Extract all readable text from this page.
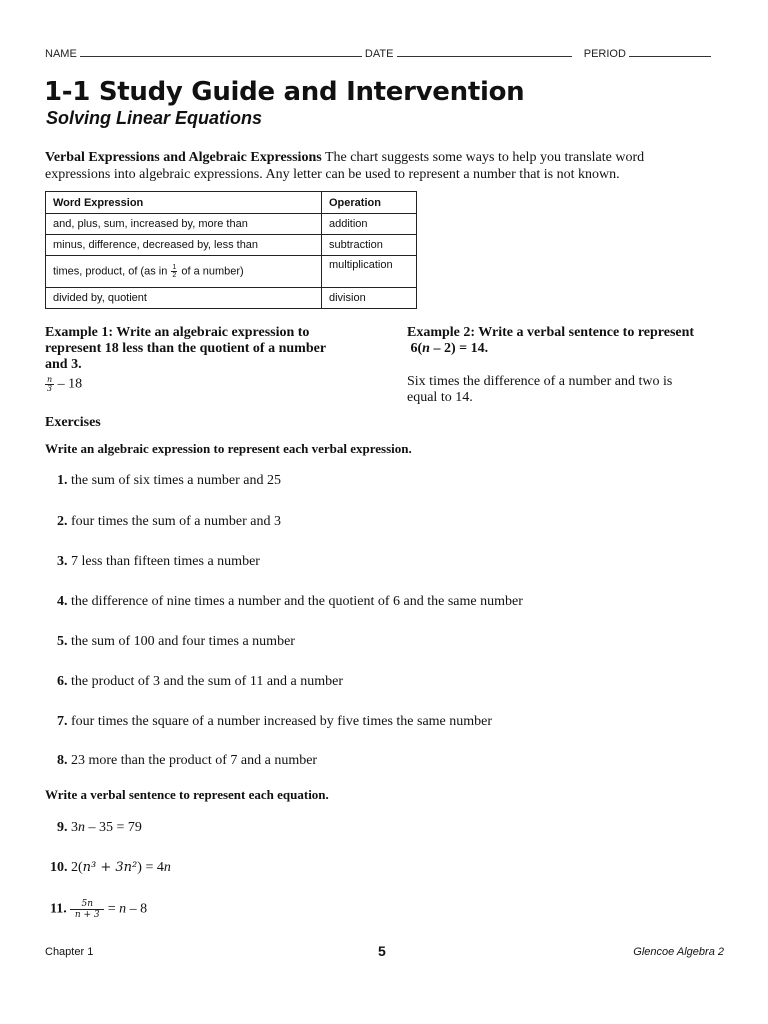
NAME	DATE	PERIOD
1-1 Study Guide and Intervention
Solving Linear Equations
Verbal Expressions and Algebraic Expressions The chart suggests some ways to help you translate word
expressions into algebraic expressions. Any letter can be used to represent a number that is not known.
Word Expression	Operation
and, plus, sum, increased by, more than	addition
minus, difference, decreased by, less than	subtraction
times, product, of (as in $\frac{1}{2}$ of a number)	multiplication
divided by, quotient	division
Example 1: Write an algebraic expression to
represent 18 less than the quotient of a number
and 3.
$\frac{n}{3} - 18$
Example 2: Write a verbal sentence to represent
6(n – 2) = 14.
Six times the difference of a number and two is
equal to 14.
Exercises
Write an algebraic expression to represent each verbal expression.
1. the sum of six times a number and 25
2. four times the sum of a number and 3
3. 7 less than fifteen times a number
4. the difference of nine times a number and the quotient of 6 and the same number
5. the sum of 100 and four times a number
6. the product of 3 and the sum of 11 and a number
7. four times the square of a number increased by five times the same number
8. 23 more than the product of 7 and a number
Write a verbal sentence to represent each equation.
9. 3n – 35 = 79
10. 2(n³ + 3n²) = 4n
11. $\frac{5n}{n + 3} = n - 8$
Chapter 1	5	Glencoe Algebra 2
